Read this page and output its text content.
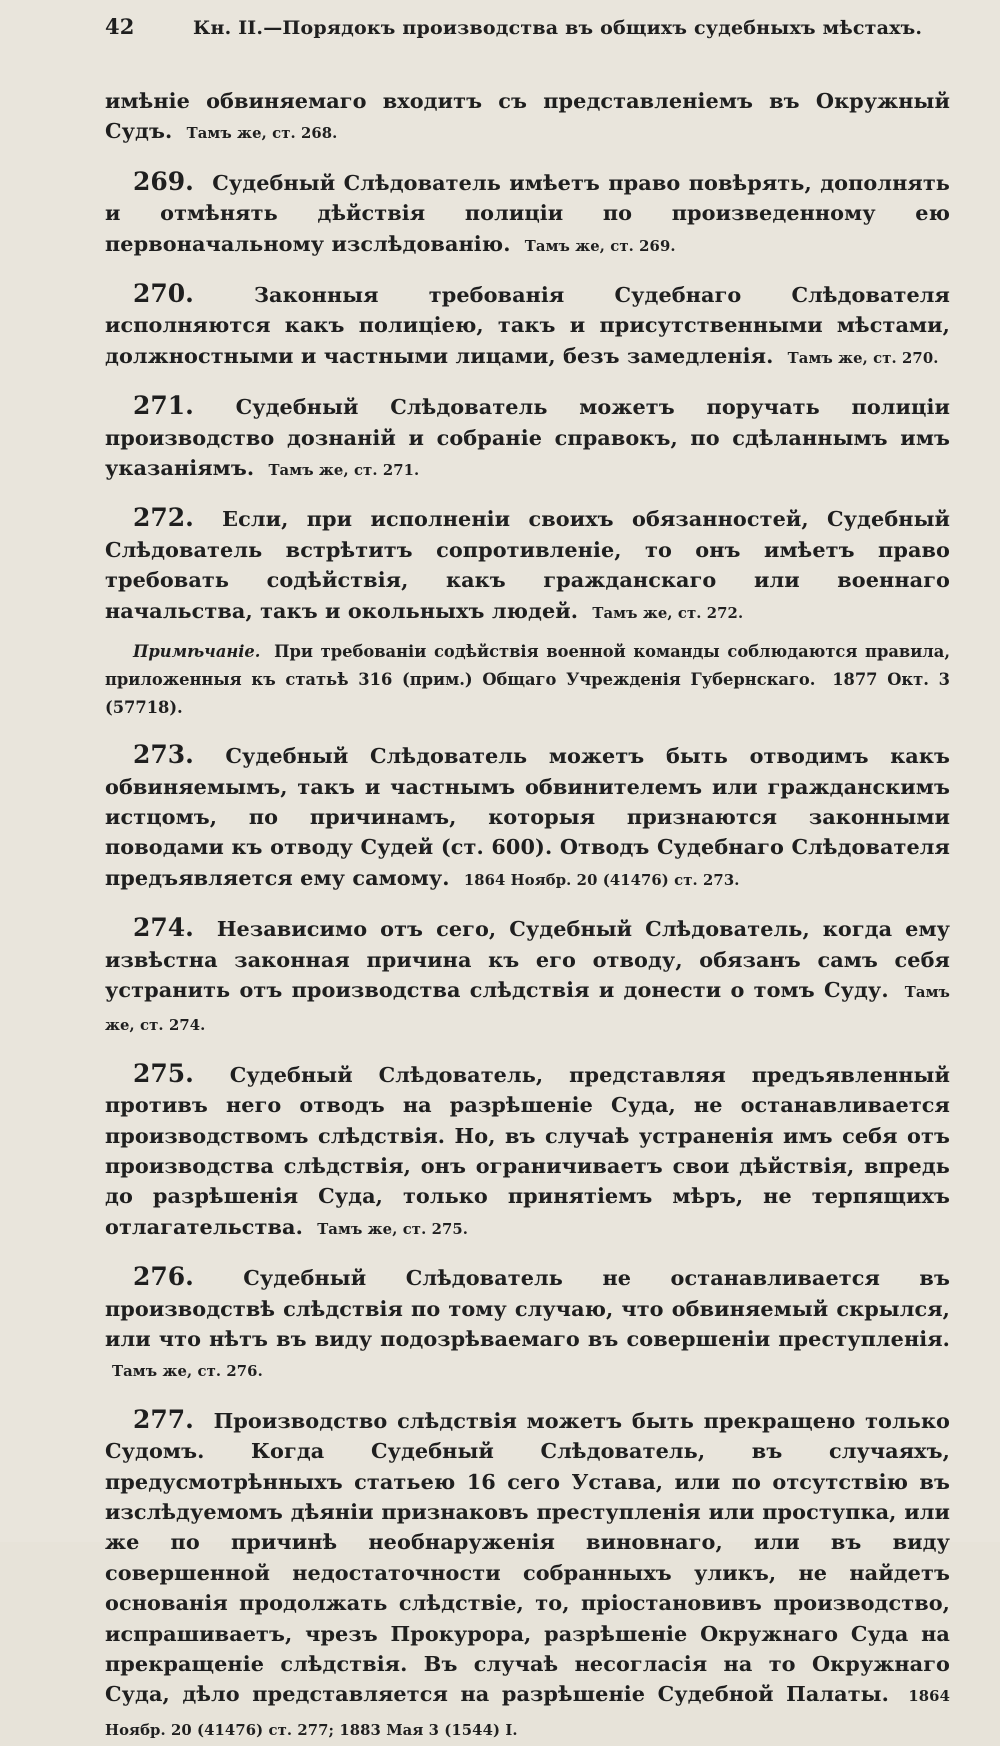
42	Кн. II.—Порядокъ производства въ общихъ судебныхъ мѣстахъ.

имѣніе обвиняемаго входитъ съ представленіемъ въ Окружный Судъ. Тамъ же, ст. 268.

269. Судебный Слѣдователь имѣетъ право повѣрять, дополнять и отмѣнять дѣйствія полиціи по произведенному ею первоначальному изслѣдованію. Тамъ же, ст. 269.

270.	Законныя требованія Судебнаго Слѣдователя исполняются какъ полиціею, такъ и присутственными мѣстами, должностными и частными лицами, безъ замедленія. Тамъ же, ст. 270.

271. Судебный Слѣдователь можетъ поручать полиціи производство дознаній и собраніе справокъ, по сдѣланнымъ имъ указаніямъ. Тамъ же, ст. 271.

272. Если, при исполненіи своихъ обязанностей, Судебный Слѣдователь встрѣтитъ сопротивленіе, то онъ имѣетъ право требовать содѣйствія, какъ гражданскаго или военнаго начальства, такъ и окольныхъ людей. Тамъ же, ст. 272.

Примѣчаніе. При требованіи содѣйствія военной команды соблюдаются правила, приложенныя къ статьѣ 316 (прим.) Общаго Учрежденія Губернскаго. 1877 Окт. 3 (57718).

273. Судебный Слѣдователь можетъ быть отводимъ какъ обвиняемымъ, такъ и частнымъ обвинителемъ или гражданскимъ истцомъ, по причинамъ, которыя признаются законными поводами къ отводу Судей (ст. 600). Отводъ Судебнаго Слѣдователя предъявляется ему самому. 1864 Ноябр. 20 (41476) ст. 273.

274. Независимо отъ сего, Судебный Слѣдователь, когда ему извѣстна законная причина къ его отводу, обязанъ самъ себя устранить отъ производства слѣдствія и донести о томъ Суду. Тамъ же, ст. 274.

275. Судебный Слѣдователь, представляя предъявленный противъ него отводъ на разрѣшеніе Суда, не останавливается производствомъ слѣдствія. Но, въ случаѣ устраненія имъ себя отъ производства слѣдствія, онъ ограничиваетъ свои дѣйствія, впредь до разрѣшенія Суда, только принятіемъ мѣръ, не терпящихъ отлагательства. Тамъ же, ст. 275.

276. Судебный Слѣдователь не останавливается въ производствѣ слѣдствія по тому случаю, что обвиняемый скрылся, или что нѣтъ въ виду подозрѣваемаго въ совершеніи преступленія. Тамъ же, ст. 276.

277. Производство слѣдствія можетъ быть прекращено только Судомъ. Когда Судебный Слѣдователь, въ случаяхъ, предусмотрѣнныхъ статьею 16 сего Устава, или по отсутствію въ изслѣдуемомъ дѣяніи признаковъ преступленія или проступка, или же по причинѣ необнаруженія виновнаго, или въ виду совершенной недостаточности собранныхъ уликъ, не найдетъ основанія продолжать слѣдствіе, то, пріостановивъ производство, испрашиваетъ, чрезъ Прокурора, разрѣшеніе Окружнаго Суда на прекращеніе слѣдствія. Въ случаѣ несогласія на то Окружнаго Суда, дѣло представляется на разрѣшеніе Судебной Палаты. 1864 Ноябр. 20 (41476) ст. 277; 1883 Мая 3 (1544) I.
